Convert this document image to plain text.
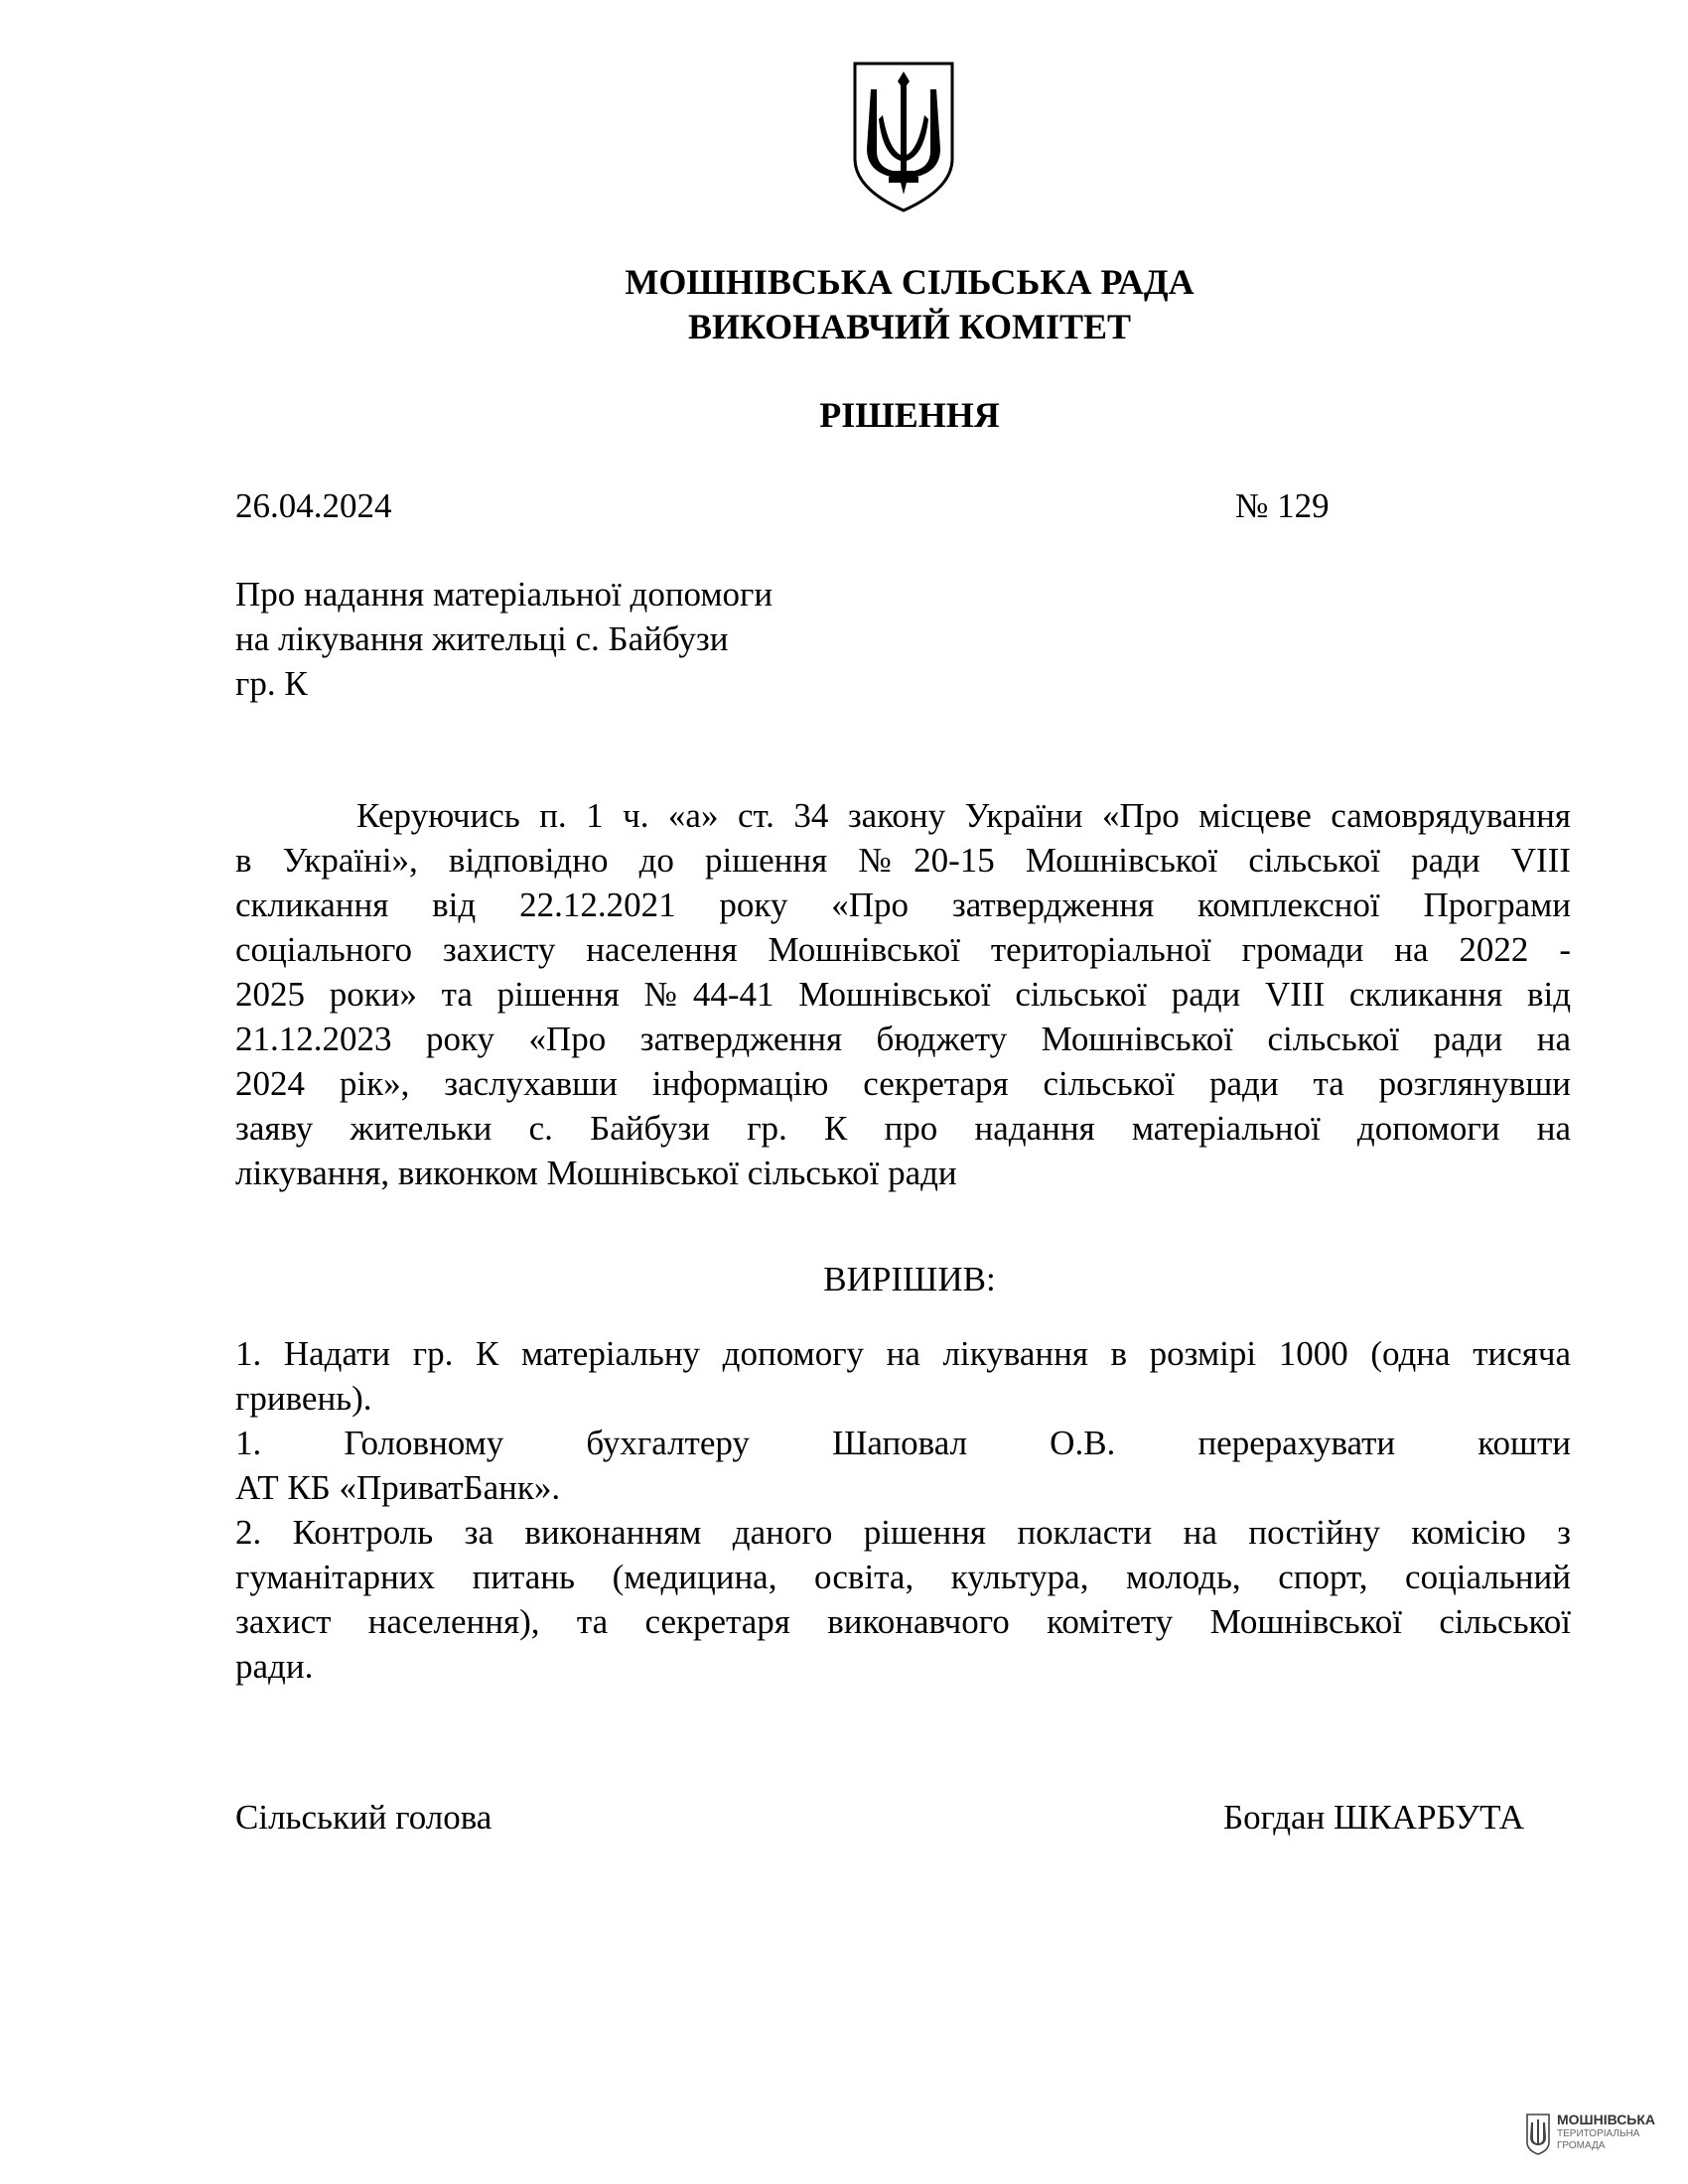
МОШНІВСЬКА СІЛЬСЬКА РАДА
ВИКОНАВЧИЙ КОМІТЕТ
РІШЕННЯ
26.04.2024	№ 129
Про надання матеріальної допомоги
на лікування жительці с. Байбузи
гр. К
Керуючись п. 1 ч. «а» ст. 34 закону України «Про місцеве самоврядування
в Україні», відповідно до рішення №20-15 Мошнівської сільської ради VIII
скликання від 22.12.2021 року «Про затвердження комплексної Програми
соціального захисту населення Мошнівської територіальної громади на 2022 -
2025 роки» та рішення №44-41 Мошнівської сільської ради VIII скликання від
21.12.2023 року «Про затвердження бюджету Мошнівської сільської ради на
2024 рік», заслухавши інформацію секретаря сільської ради та розглянувши
заяву жительки с. Байбузи гр. К про надання матеріальної допомоги на
лікування, виконком Мошнівської сільської ради
ВИРІШИВ:
1. Надати гр. К матеріальну допомогу на лікування в розмірі 1000 (одна тисяча
гривень).
1. Головному бухгалтеру Шаповал О.В. перерахувати кошти
АТ КБ «ПриватБанк».
2. Контроль за виконанням даного рішення покласти на постійну комісію з
гуманітарних питань (медицина, освіта, культура, молодь, спорт, соціальний
захист населення), та секретаря виконавчого комітету Мошнівської сільської
ради.
Сільський голова	Богдан ШКАРБУТА
МОШНІВСЬКА
ТЕРИТОРІАЛЬНА
ГРОМАДА
